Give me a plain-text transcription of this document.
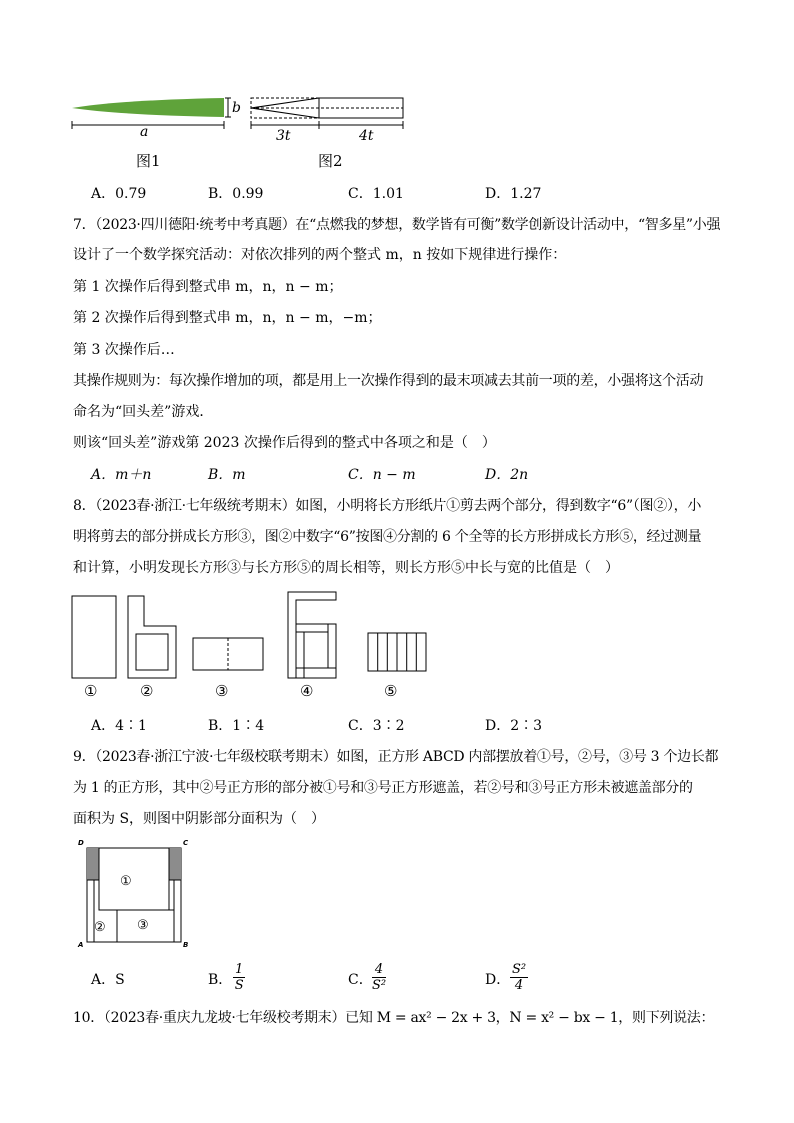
a
b
图1
3t	4t
图2
A．0.79	B．0.99	C．1.01	D．1.27
7．（2023·四川德阳·统考中考真题）在“点燃我的梦想，数学皆有可衡”数学创新设计活动中，“智多星”小强
设计了一个数学探究活动：对依次排列的两个整式 m，n 按如下规律进行操作：
第 1 次操作后得到整式串 m，n，n − m；
第 2 次操作后得到整式串 m，n，n − m，−m；
第 3 次操作后…
其操作规则为：每次操作增加的项，都是用上一次操作得到的最末项减去其前一项的差，小强将这个活动
命名为“回头差”游戏．
则该“回头差”游戏第 2023 次操作后得到的整式中各项之和是（　）
A．m＋n	B．m	C．n − m	D．2n
8．（2023春·浙江·七年级统考期末）如图，小明将长方形纸片①剪去两个部分，得到数字“6”（图②），小
明将剪去的部分拼成长方形③，图②中数字“6”按图④分割的 6 个全等的长方形拼成长方形⑤，经过测量
和计算，小明发现长方形③与长方形⑤的周长相等，则长方形⑤中长与宽的比值是（　）
①	②	③	④	⑤
A．4∶1	B．1∶4	C．3∶2	D．2∶3
9．（2023春·浙江宁波·七年级校联考期末）如图，正方形 ABCD 内部摆放着①号，②号，③号 3 个边长都
为 1 的正方形，其中②号正方形的部分被①号和③号正方形遮盖，若②号和③号正方形未被遮盖部分的
面积为 S，则图中阴影部分面积为（　）
D	C
A	B
①
② ③
A．S	B． $\frac{1}{S}$	C． $\frac{4}{\text{S²}}$	D． $\frac{\text{S²}}{4}$
10．（2023春·重庆九龙坡·七年级校考期末）已知 M = ax² − 2x + 3，N = x² − bx − 1，则下列说法：
